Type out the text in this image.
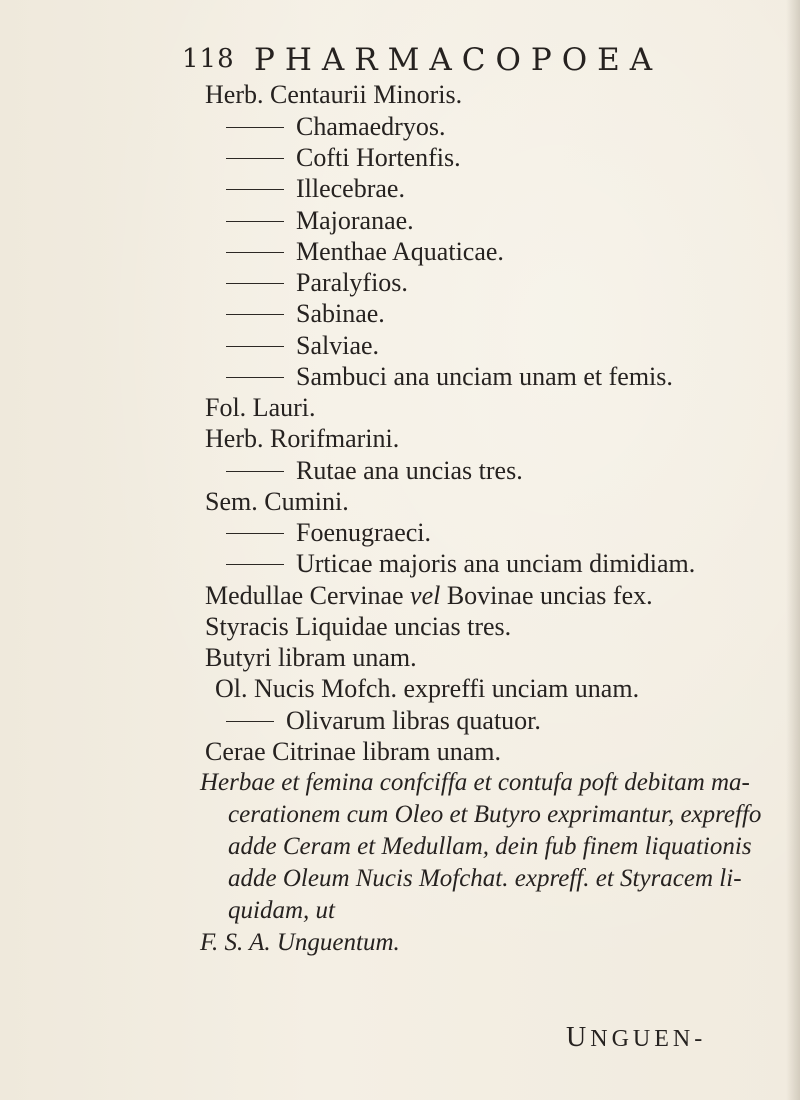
118 PHARMACOPOEA
Herb. Centaurii Minoris.
Chamaedryos.
Cofti Hortenfis.
Illecebrae.
Majoranae.
Menthae Aquaticae.
Paralyfios.
Sabinae.
Salviae.
Sambuci ana unciam unam et femis.
Fol. Lauri.
Herb. Rorifmarini.
Rutae ana uncias tres.
Sem. Cumini.
Foenugraeci.
Urticae majoris ana unciam dimidiam.
Medullae Cervinae vel Bovinae uncias fex.
Styracis Liquidae uncias tres.
Butyri libram unam.
Ol. Nucis Mofch. expreffi unciam unam.
Olivarum libras quatuor.
Cerae Citrinae libram unam.
Herbae et femina confciffa et contufa poft debitam ma-
cerationem cum Oleo et Butyro exprimantur, expreffo
adde Ceram et Medullam, dein fub finem liquationis
adde Oleum Nucis Mofchat. expreff. et Styracem li-
quidam, ut
F. S. A. Unguentum.
UNGUEN-
